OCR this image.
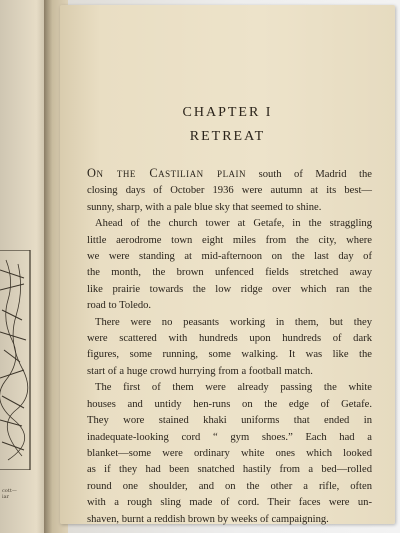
cott—
iar
CHAPTER I
RETREAT
On the Castilian plain south of Madrid the
closing days of October 1936 were autumn at its best—
sunny, sharp, with a pale blue sky that seemed to shine.
Ahead of the church tower at Getafe, in the straggling
little aerodrome town eight miles from the city, where
we were standing at mid-afternoon on the last day of
the month, the brown unfenced fields stretched away
like prairie towards the low ridge over which ran the
road to Toledo.
There were no peasants working in them, but they
were scattered with hundreds upon hundreds of dark
figures, some running, some walking. It was like the
start of a huge crowd hurrying from a football match.
The first of them were already passing the white
houses and untidy hen-runs on the edge of Getafe.
They wore stained khaki uniforms that ended in
inadequate-looking cord “ gym shoes.” Each had a
blanket—some were ordinary white ones which looked
as if they had been snatched hastily from a bed—rolled
round one shoulder, and on the other a rifle, often
with a rough sling made of cord. Their faces were un-
shaven, burnt a reddish brown by weeks of campaigning.
